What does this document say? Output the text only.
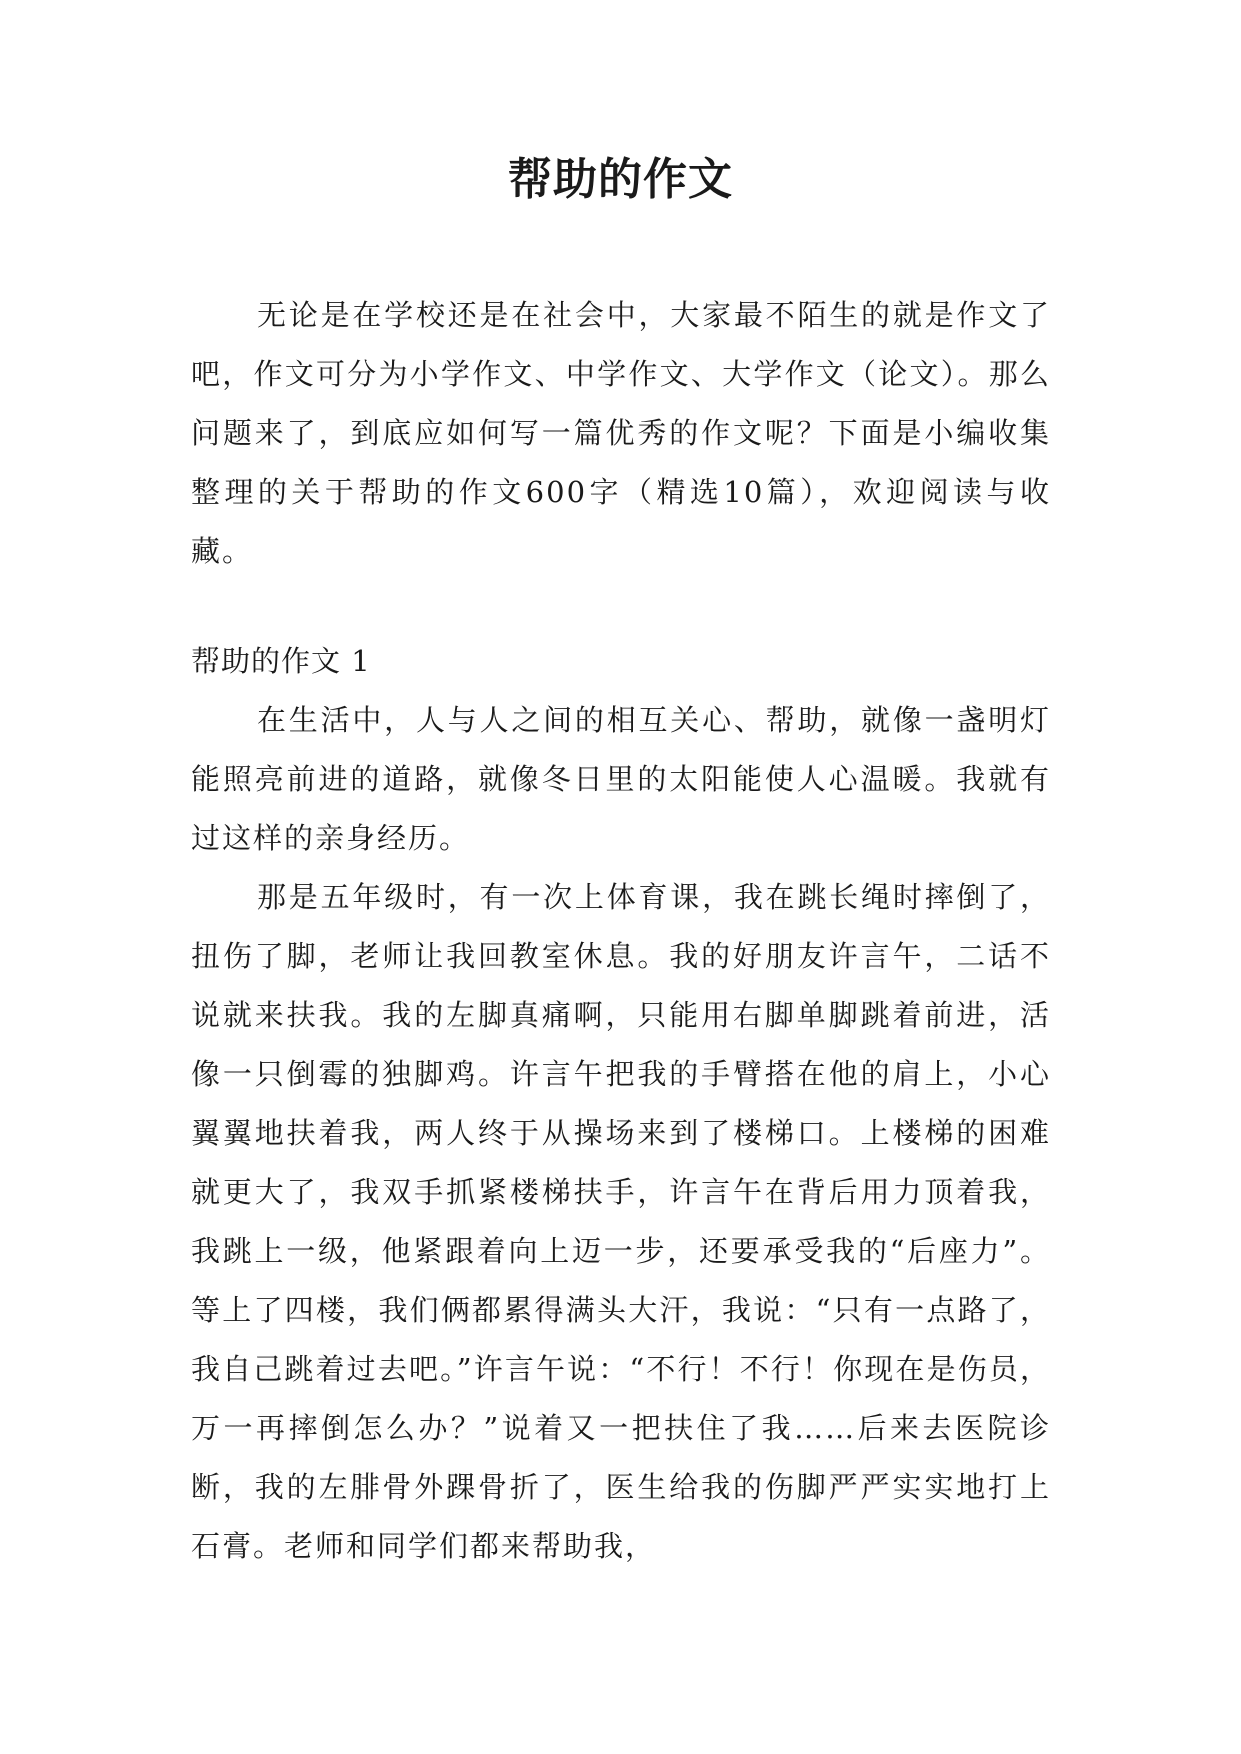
帮助的作文

无论是在学校还是在社会中，大家最不陌生的就是作文了吧，作文可分为小学作文、中学作文、大学作文（论文）。那么问题来了，到底应如何写一篇优秀的作文呢？下面是小编收集整理的关于帮助的作文600字（精选10篇），欢迎阅读与收藏。

帮助的作文 1

在生活中，人与人之间的相互关心、帮助，就像一盏明灯能照亮前进的道路，就像冬日里的太阳能使人心温暖。我就有过这样的亲身经历。

那是五年级时，有一次上体育课，我在跳长绳时摔倒了，扭伤了脚，老师让我回教室休息。我的好朋友许言午，二话不说就来扶我。我的左脚真痛啊，只能用右脚单脚跳着前进，活像一只倒霉的独脚鸡。许言午把我的手臂搭在他的肩上，小心翼翼地扶着我，两人终于从操场来到了楼梯口。上楼梯的困难就更大了，我双手抓紧楼梯扶手，许言午在背后用力顶着我，我跳上一级，他紧跟着向上迈一步，还要承受我的“后座力”。等上了四楼，我们俩都累得满头大汗，我说：“只有一点路了，我自己跳着过去吧。”许言午说：“不行！不行！你现在是伤员，万一再摔倒怎么办？”说着又一把扶住了我……后来去医院诊断，我的左腓骨外踝骨折了，医生给我的伤脚严严实实地打上石膏。老师和同学们都来帮助我，
